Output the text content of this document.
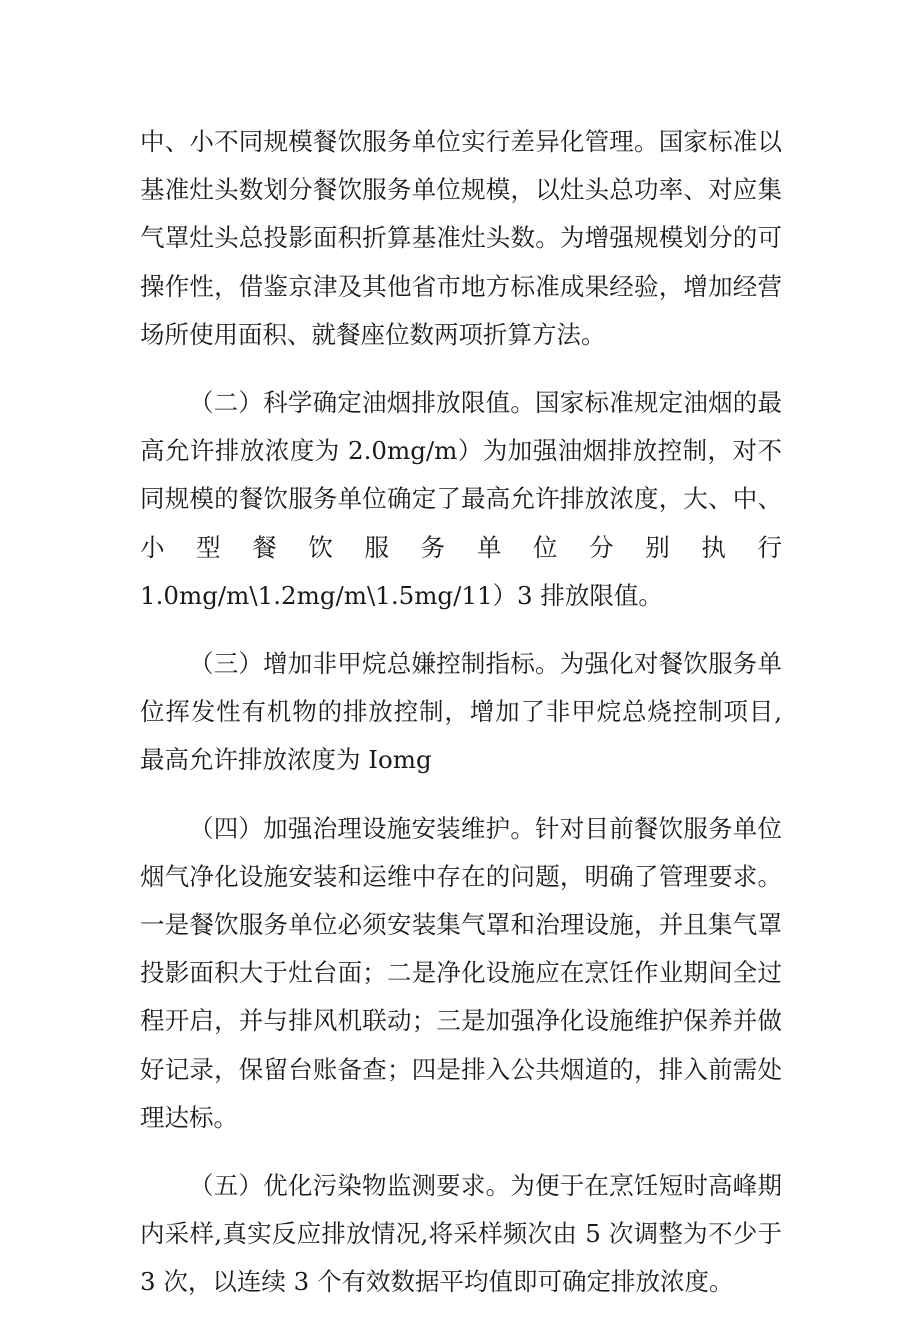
中、小不同规模餐饮服务单位实行差异化管理。国家标准以基准灶头数划分餐饮服务单位规模，以灶头总功率、对应集气罩灶头总投影面积折算基准灶头数。为增强规模划分的可操作性，借鉴京津及其他省市地方标准成果经验，增加经营场所使用面积、就餐座位数两项折算方法。

（二）科学确定油烟排放限值。国家标准规定油烟的最高允许排放浓度为 2.0mg∕m）为加强油烟排放控制，对不同规模的餐饮服务单位确定了最高允许排放浓度，大、中、小型餐饮服务单位分别执行 1.0mg∕m\1.2mg∕m\1.5mg∕11）3 排放限值。

（三）增加非甲烷总嫌控制指标。为强化对餐饮服务单位挥发性有机物的排放控制，增加了非甲烷总烧控制项目,最高允许排放浓度为 Iomg

（四）加强治理设施安装维护。针对目前餐饮服务单位烟气净化设施安装和运维中存在的问题，明确了管理要求。一是餐饮服务单位必须安装集气罩和治理设施，并且集气罩投影面积大于灶台面；二是净化设施应在烹饪作业期间全过程开启，并与排风机联动；三是加强净化设施维护保养并做好记录，保留台账备查；四是排入公共烟道的，排入前需处理达标。

（五）优化污染物监测要求。为便于在烹饪短时高峰期内采样,真实反应排放情况,将采样频次由 5 次调整为不少于 3 次，以连续 3 个有效数据平均值即可确定排放浓度。
